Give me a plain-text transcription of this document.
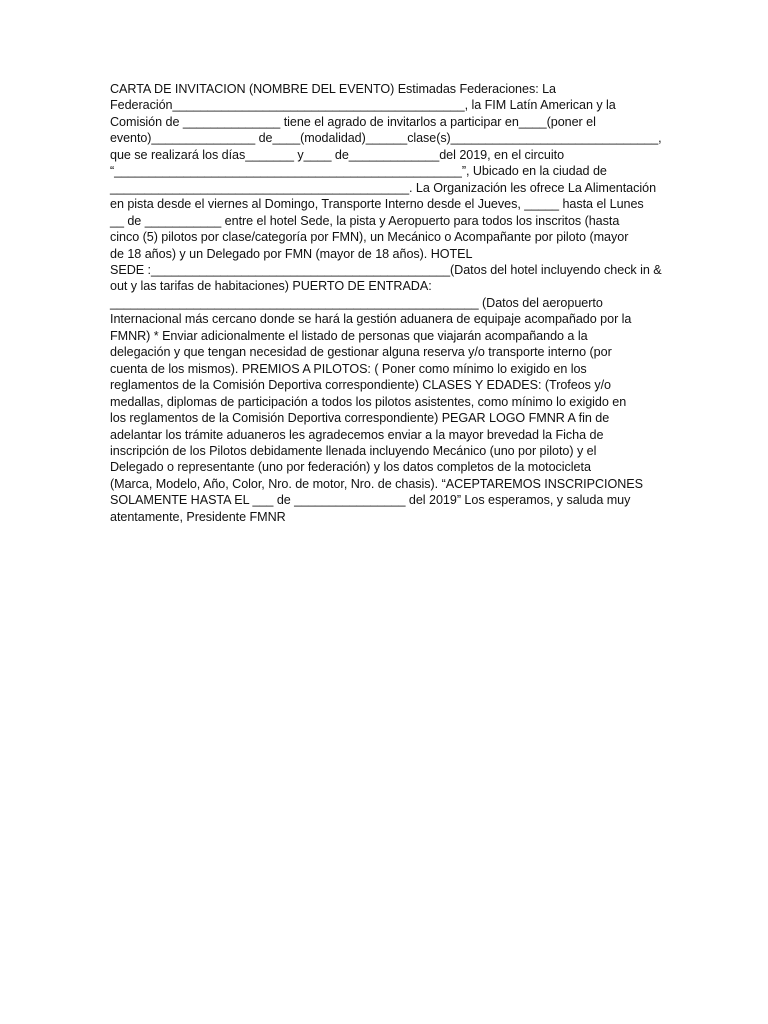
CARTA DE INVITACION (NOMBRE DEL EVENTO) Estimadas Federaciones: La
Federación__________________________________________, la FIM Latín American y la
Comisión de ______________ tiene el agrado de invitarlos a participar en____(poner el
evento)_______________ de____(modalidad)______clase(s)______________________________,
que se realizará los días_______ y____ de_____________del 2019, en el circuito
“__________________________________________________”, Ubicado en la ciudad de
___________________________________________. La Organización les ofrece La Alimentación
en pista desde el viernes al Domingo, Transporte Interno desde el Jueves, _____ hasta el Lunes
__ de ___________ entre el hotel Sede, la pista y Aeropuerto para todos los inscritos (hasta
cinco (5) pilotos por clase/categoría por FMN), un Mecánico o Acompañante por piloto (mayor
de 18 años) y un Delegado por FMN (mayor de 18 años). HOTEL
SEDE :___________________________________________(Datos del hotel incluyendo check in &
out y las tarifas de habitaciones) PUERTO DE ENTRADA:
_____________________________________________________ (Datos del aeropuerto
Internacional más cercano donde se hará la gestión aduanera de equipaje acompañado por la
FMNR) * Enviar adicionalmente el listado de personas que viajarán acompañando a la
delegación y que tengan necesidad de gestionar alguna reserva y/o transporte interno (por
cuenta de los mismos). PREMIOS A PILOTOS: ( Poner como mínimo lo exigido en los
reglamentos de la Comisión Deportiva correspondiente) CLASES Y EDADES: (Trofeos y/o
medallas, diplomas de participación a todos los pilotos asistentes, como mínimo lo exigido en
los reglamentos de la Comisión Deportiva correspondiente) PEGAR LOGO FMNR A fin de
adelantar los trámite aduaneros les agradecemos enviar a la mayor brevedad la Ficha de
inscripción de los Pilotos debidamente llenada incluyendo Mecánico (uno por piloto) y el
Delegado o representante (uno por federación) y los datos completos de la motocicleta
(Marca, Modelo, Año, Color, Nro. de motor, Nro. de chasis). “ACEPTAREMOS INSCRIPCIONES
SOLAMENTE HASTA EL ___ de ________________ del 2019” Los esperamos, y saluda muy
atentamente, Presidente FMNR
